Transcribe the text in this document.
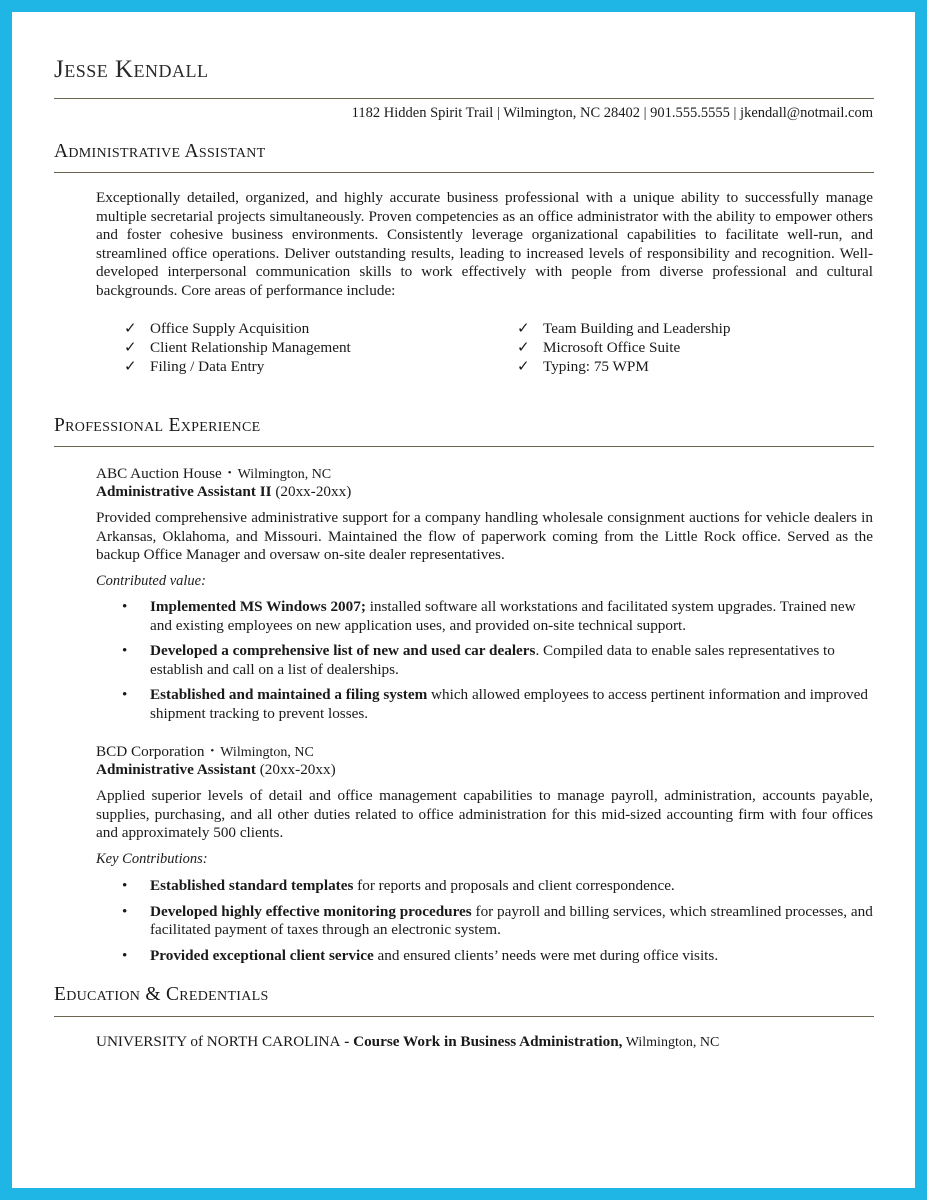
Jesse Kendall
1182 Hidden Spirit Trail | Wilmington, NC 28402 | 901.555.5555 | jkendall@notmail.com
Administrative Assistant
Exceptionally detailed, organized, and highly accurate business professional with a unique ability to successfully manage multiple secretarial projects simultaneously. Proven competencies as an office administrator with the ability to empower others and foster cohesive business environments. Consistently leverage organizational capabilities to facilitate well-run, and streamlined office operations. Deliver outstanding results, leading to increased levels of responsibility and recognition. Well-developed interpersonal communication skills to work effectively with people from diverse professional and cultural backgrounds. Core areas of performance include:
✓ Office Supply Acquisition
✓ Client Relationship Management
✓ Filing / Data Entry
✓ Team Building and Leadership
✓ Microsoft Office Suite
✓ Typing: 75 WPM
Professional Experience
ABC Auction House • Wilmington, NC
Administrative Assistant II (20xx-20xx)
Provided comprehensive administrative support for a company handling wholesale consignment auctions for vehicle dealers in Arkansas, Oklahoma, and Missouri. Maintained the flow of paperwork coming from the Little Rock office. Served as the backup Office Manager and oversaw on-site dealer representatives.
Contributed value:
• Implemented MS Windows 2007; installed software all workstations and facilitated system upgrades. Trained new and existing employees on new application uses, and provided on-site technical support.
• Developed a comprehensive list of new and used car dealers. Compiled data to enable sales representatives to establish and call on a list of dealerships.
• Established and maintained a filing system which allowed employees to access pertinent information and improved shipment tracking to prevent losses.
BCD Corporation • Wilmington, NC
Administrative Assistant (20xx-20xx)
Applied superior levels of detail and office management capabilities to manage payroll, administration, accounts payable, supplies, purchasing, and all other duties related to office administration for this mid-sized accounting firm with four offices and approximately 500 clients.
Key Contributions:
• Established standard templates for reports and proposals and client correspondence.
• Developed highly effective monitoring procedures for payroll and billing services, which streamlined processes, and facilitated payment of taxes through an electronic system.
• Provided exceptional client service and ensured clients’ needs were met during office visits.
Education & Credentials
UNIVERSITY of NORTH CAROLINA - Course Work in Business Administration, Wilmington, NC
